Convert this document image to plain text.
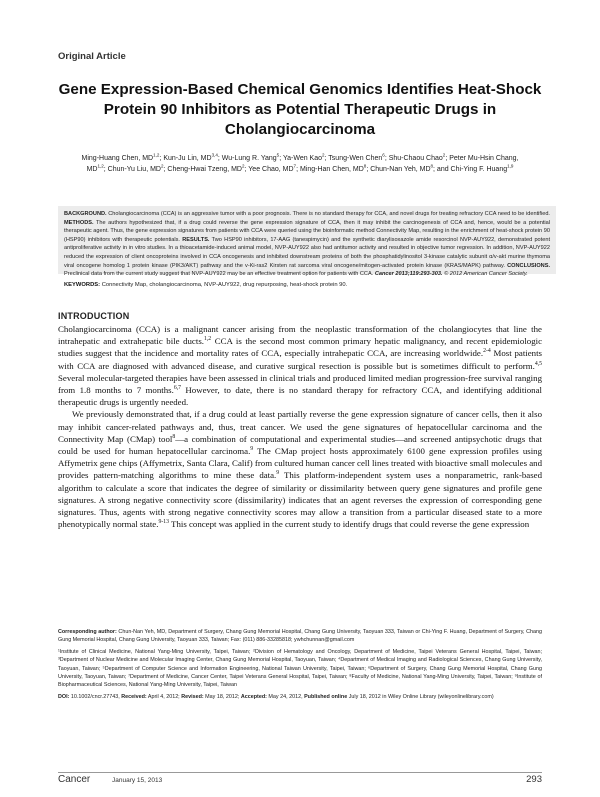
Original Article
Gene Expression-Based Chemical Genomics Identifies Heat-Shock Protein 90 Inhibitors as Potential Therapeutic Drugs in Cholangiocarcinoma
Ming-Huang Chen, MD$^{1,2}$; Kun-Ju Lin, MD$^{3,4}$; Wu-Lung R. Yang$^5$; Ya-Wen Kao$^2$; Tsung-Wen Chen$^6$; Shu-Chaou Chao$^2$; Peter Mu-Hsin Chang, MD$^{1,2}$; Chun-Yu Liu, $MD^2$; Cheng-Hwai Tzeng, $MD^2$; Yee Chao, $MD^7$; Ming-Han Chen, $MD^8$; Chun-Nan Yeh, $MD^8$; and Chi-Ying F. Huang$^{1,9}$
BACKGROUND. Cholangiocarcinoma (CCA) is an aggressive tumor with a poor prognosis. There is no standard therapy for CCA, and novel drugs for treating refractory CCA need to be identified. METHODS. The authors hypothesized that, if a drug could reverse the gene expression signature of CCA, then it may inhibit the carcinogenesis of CCA and, hence, would be a potential therapeutic agent. Thus, the gene expression signatures from patients with CCA were queried using the bioinformatic method Connectivity Map, resulting in the enrichment of heat-shock protein 90 (HSP90) inhibitors with therapeutic potentials. RESULTS. Two HSP90 inhibitors, 17-AAG (tanespimycin) and the synthetic diarylisoxazole amide resorcinol NVP-AUY922, demonstrated potent antiproliferative activity in in vitro studies. In a thioacetamide-induced animal model, NVP-AUY922 also had antitumor activity and resulted in objective tumor regression. In addition, NVP-AUY922 reduced the expression of client oncoproteins involved in CCA oncogenesis and inhibited downstream proteins of both the phosphatidylinositol 3-kinase catalytic subunit α/v-akt murine thymoma viral oncogene homolog 1 protein kinase (PIK3/AKT) pathway and the v-Ki-ras2 Kirsten rat sarcoma viral oncogene/mitogen-activated protein kinase (KRAS/MAPK) pathway. CONCLUSIONS. Preclinical data from the current study suggest that NVP-AUY922 may be an effective treatment option for patients with CCA. Cancer 2013;119:293-303. © 2012 American Cancer Society.
KEYWORDS: Connectivity Map, cholangiocarcinoma, NVP-AUY922, drug repurposing, heat-shock protein 90.
INTRODUCTION

Cholangiocarcinoma (CCA) is a malignant cancer arising from the neoplastic transformation of the cholangiocytes that line the intrahepatic and extrahepatic bile ducts.$^{1,2}$ CCA is the second most common primary hepatic malignancy, and recent epidemiologic studies suggest that the incidence and mortality rates of CCA, especially intrahepatic CCA, are increasing worldwide.$^{2-4}$ Most patients with CCA are diagnosed with advanced disease, and curative surgical resection is possible but is sometimes difficult to perform.$^{4,5}$ Several molecular-targeted therapies have been assessed in clinical trials and produced limited median progression-free survival ranging from 1.8 months to 7 months.$^{6,7}$ However, to date, there is no standard therapy for refractory CCA, and identifying additional therapeutic drugs is urgently needed.

We previously demonstrated that, if a drug could at least partially reverse the gene expression signature of cancer cells, then it also may inhibit cancer-related pathways and, thus, treat cancer. We used the gene signatures of hepatocellular carcinoma and the Connectivity Map (CMap) tool$^8$—a combination of computational and experimental studies—and screened antipsychotic drugs that could be used for human hepatocellular carcinoma.$^9$ The CMap project hosts approximately 6100 gene expression profiles using Affymetrix gene chips (Affymetrix, Santa Clara, Calif) from cultured human cancer cell lines treated with bioactive small molecules and provides pattern-matching algorithms to mine these data.$^9$ This platform-independent system uses a nonparametric, rank-based algorithm to calculate a score that indicates the degree of similarity or dissimilarity between query gene signatures and profile gene signatures. A strong negative connectivity score (dissimilarity) indicates that an agent reverses the expression of corresponding gene signatures. Thus, agents with strong negative connectivity scores may allow a transition from a particular diseased state to a more phenotypically normal state.$^{9-13}$ This concept was applied in the current study to identify drugs that could reverse the gene expression

Corresponding author: Chun-Nan Yeh, MD, Department of Surgery, Chang Gung Memorial Hospital, Chang Gung University, Taoyuan 333, Taiwan or Chi-Ying F. Huang, Department of Surgery, Chang Gung Memorial Hospital, Chang Gung University, Taoyuan 333, Taiwan; Fax: (011) 886-33285818; ywhchunnan@gmail.com

¹Institute of Clinical Medicine, National Yang-Ming University, Taipei, Taiwan; ²Division of Hematology and Oncology, Department of Medicine, Taipei Veterans General Hospital, Taipei, Taiwan; ³Department of Nuclear Medicine and Molecular Imaging Center, Chang Gung Memorial Hospital, Taoyuan, Taiwan; ⁴Department of Medical Imaging and Radiological Sciences, Chang Gung University, Taoyuan, Taiwan; ⁵Department of Computer Science and Information Engineering, National Taiwan University, Taipei, Taiwan; ⁶Department of Surgery, Chang Gung Memorial Hospital, Chang Gung University, Taoyuan, Taiwan; ⁷Department of Medicine, Cancer Center, Taipei Veterans General Hospital, Taipei, Taiwan; ⁸Faculty of Medicine, National Yang-Ming University, Taipei, Taiwan; ⁹Institute of Biopharmaceutical Sciences, National Yang-Ming University, Taipei, Taiwan

DOI: 10.1002/cncr.27743, Received: April 4, 2012; Revised: May 18, 2012; Accepted: May 24, 2012, Published online July 18, 2012 in Wiley Online Library (wileyonlinelibrary.com)

Cancer	January 15, 2013	293
